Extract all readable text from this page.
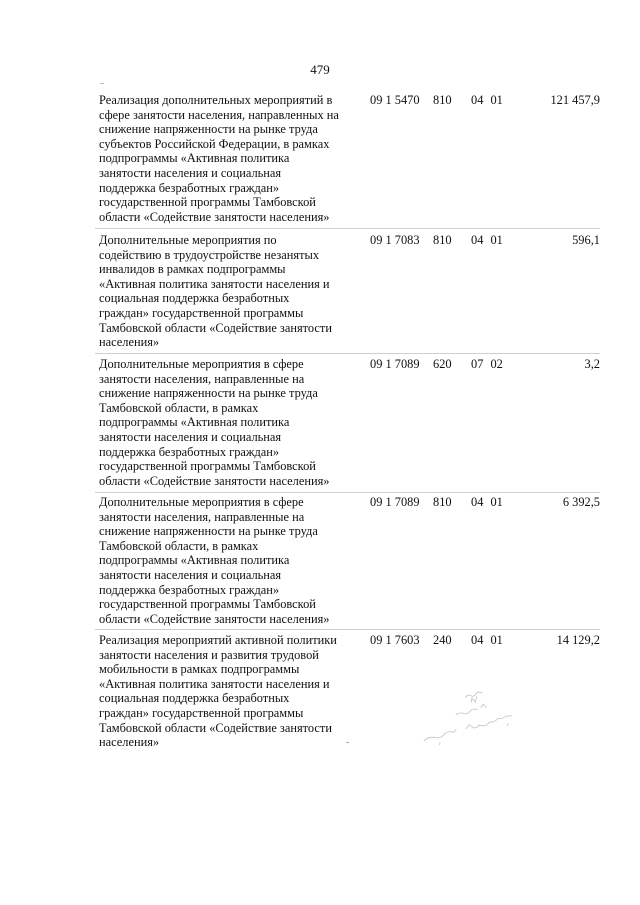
479
Реализация дополнительных мероприятий в
сфере занятости населения, направленных на
снижение напряженности на рынке труда
субъектов Российской Федерации, в рамках
подпрограммы «Активная политика
занятости населения и социальная
поддержка безработных граждан»
государственной программы Тамбовской
области «Содействие занятости населения»
09 1 5470 810 04 01	121 457,9
Дополнительные мероприятия по
содействию в трудоустройстве незанятых
инвалидов в рамках подпрограммы
«Активная политика занятости населения и
социальная поддержка безработных
граждан» государственной программы
Тамбовской области «Содействие занятости
населения»
09 1 7083 810 04 01	596,1
Дополнительные мероприятия в сфере
занятости населения, направленные на
снижение напряженности на рынке труда
Тамбовской области, в рамках
подпрограммы «Активная политика
занятости населения и социальная
поддержка безработных граждан»
государственной программы Тамбовской
области «Содействие занятости населения»
09 1 7089 620 07 02	3,2
Дополнительные мероприятия в сфере
занятости населения, направленные на
снижение напряженности на рынке труда
Тамбовской области, в рамках
подпрограммы «Активная политика
занятости населения и социальная
поддержка безработных граждан»
государственной программы Тамбовской
области «Содействие занятости населения»
09 1 7089 810 04 01	6 392,5
Реализация мероприятий активной политики
занятости населения и развития трудовой
мобильности в рамках подпрограммы
«Активная политика занятости населения и
социальная поддержка безработных
граждан» государственной программы
Тамбовской области «Содействие занятости
населения»
09 1 7603 240 04 01	14 129,2
